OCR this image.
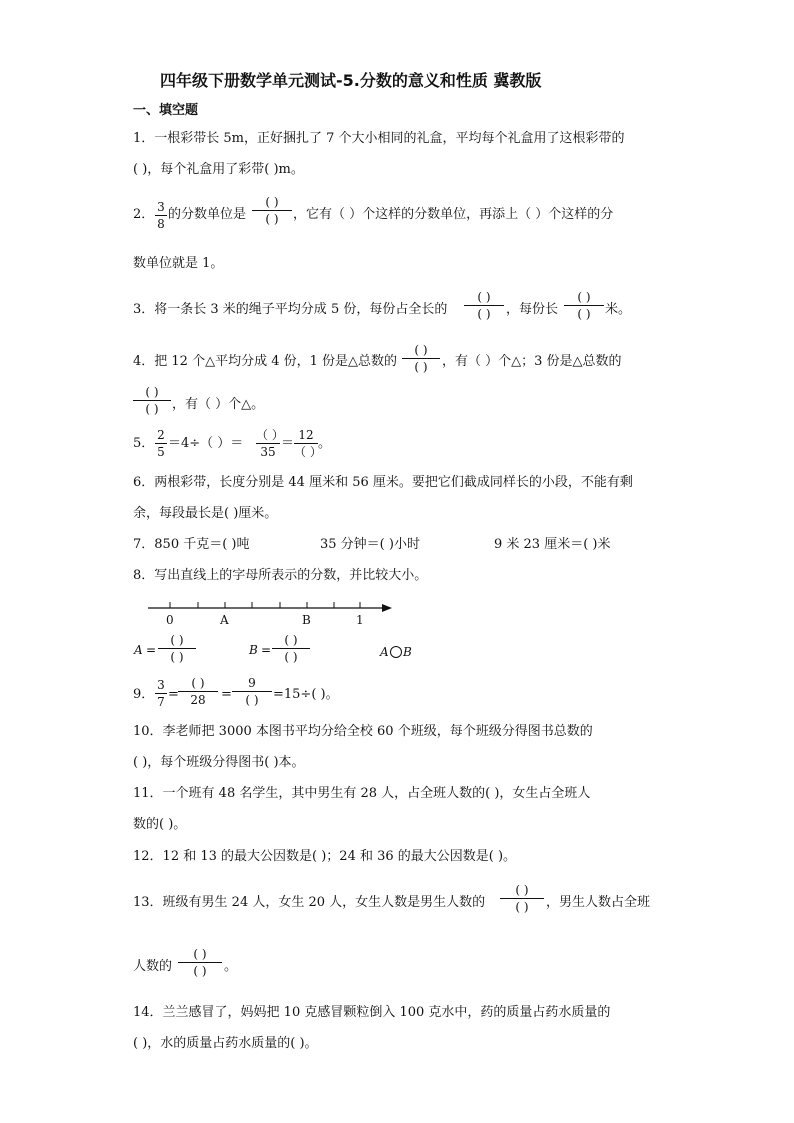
四年级下册数学单元测试-5.分数的意义和性质 冀教版
一、填空题
1．一根彩带长 5m，正好捆扎了 7 个大小相同的礼盒，平均每个礼盒用了这根彩带的
( )，每个礼盒用了彩带( )m。
2． 3
8
的分数单位是
( )
( )	，它有（ ）个这样的分数单位，再添上（ ）个这样的分
数单位就是 1。
3．将一条长 3 米的绳子平均分成 5 份，每份占全长的
( )
( )	，每份长
( )
( )	米。
4．把 12 个△平均分成 4 份，1 份是△总数的
( )
( )	，有（ ）个△；3 份是△总数的
( )
( )	，有（ ）个△。
5．
2
5
＝4÷（ ）＝
（ ）
35
＝
12
（ ）
。
6．两根彩带，长度分别是 44 厘米和 56 厘米。要把它们截成同样长的小段，不能有剩
余，每段最长是( )厘米。
7．850 千克＝( )吨	35 分钟＝( )小时	9 米 23 厘米＝( )米
8．写出直线上的字母所表示的分数，并比较大小。
0	A	B	1
A =
( )
( )	B =
( )
( )	A B
9．
3
7 =
( )
28	=
9
( )	=15÷( )。
10．李老师把 3000 本图书平均分给全校 60 个班级，每个班级分得图书总数的
( )，每个班级分得图书( )本。
11．一个班有 48 名学生，其中男生有 28 人，占全班人数的( )，女生占全班人
数的( )。
12．12 和 13 的最大公因数是( )；24 和 36 的最大公因数是( )。
13．班级有男生 24 人，女生 20 人，女生人数是男生人数的
( )
( )	，男生人数占全班
人数的
( )
( )	。
14．兰兰感冒了，妈妈把 10 克感冒颗粒倒入 100 克水中，药的质量占药水质量的
( )，水的质量占药水质量的( )。
